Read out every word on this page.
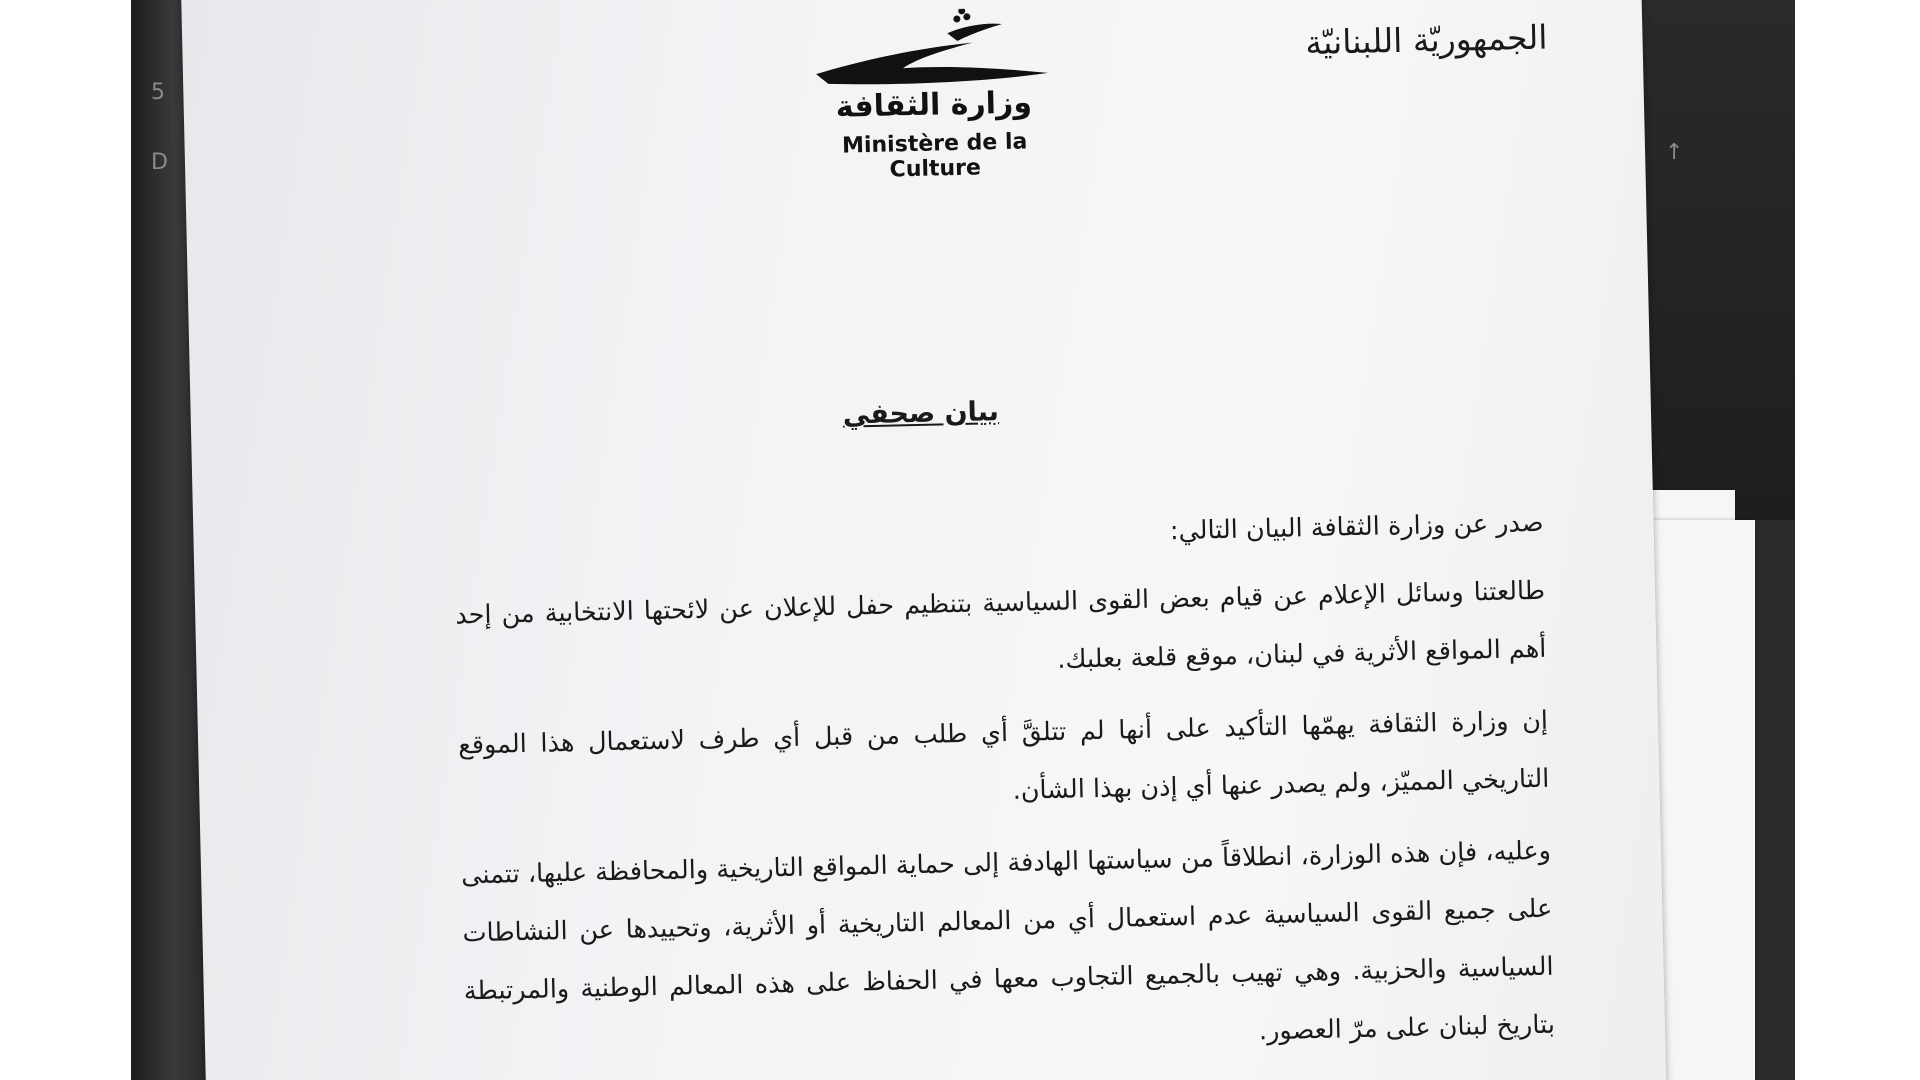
5
D	↑
الجمهوريّة اللبنانيّة
وزارة الثقافة
Ministère de la Culture
بيان صحفي
صدر عن وزارة الثقافة البيان التالي:
طالعتنا وسائل الإعلام عن قيام بعض القوى السياسية بتنظيم حفل للإعلان عن لائحتها الانتخابية من إحد أهم المواقع الأثرية في لبنان، موقع قلعة بعلبك.
إن وزارة الثقافة يهمّها التأكيد على أنها لم تتلقَّ أي طلب من قبل أي طرف لاستعمال هذا الموقع التاريخي المميّز، ولم يصدر عنها أي إذن بهذا الشأن.
وعليه، فإن هذه الوزارة، انطلاقاً من سياستها الهادفة إلى حماية المواقع التاريخية والمحافظة عليها، تتمنى على جميع القوى السياسية عدم استعمال أي من المعالم التاريخية أو الأثرية، وتحييدها عن النشاطات السياسية والحزبية. وهي تهيب بالجميع التجاوب معها في الحفاظ على هذه المعالم الوطنية والمرتبطة بتاريخ لبنان على مرّ العصور.
